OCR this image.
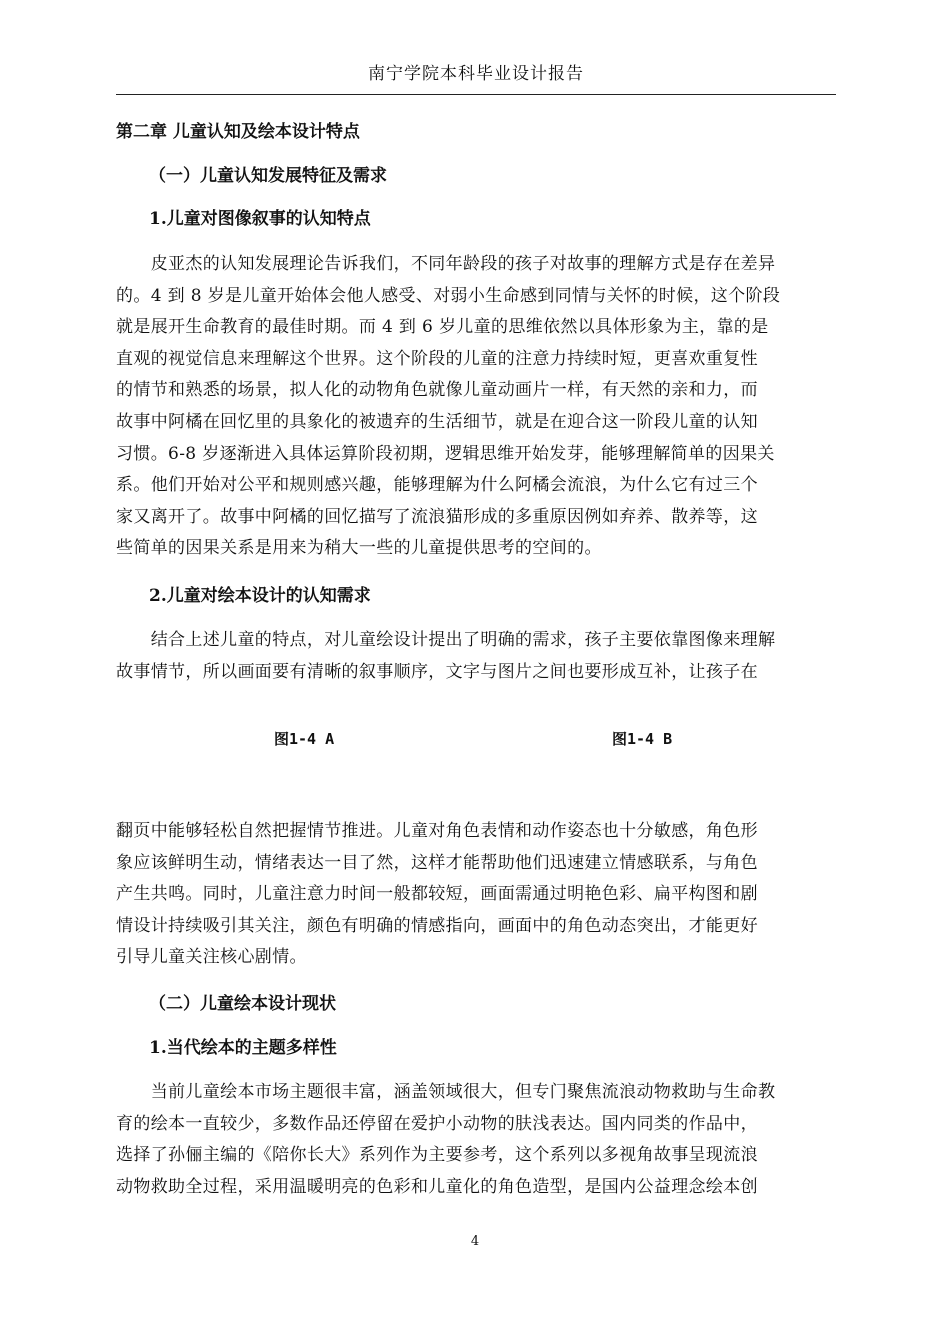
南宁学院本科毕业设计报告
第二章 儿童认知及绘本设计特点
（一）儿童认知发展特征及需求
1.儿童对图像叙事的认知特点
　　皮亚杰的认知发展理论告诉我们，不同年龄段的孩子对故事的理解方式是存在差异
的。4 到 8 岁是儿童开始体会他人感受、对弱小生命感到同情与关怀的时候，这个阶段
就是展开生命教育的最佳时期。而 4 到 6 岁儿童的思维依然以具体形象为主，靠的是
直观的视觉信息来理解这个世界。这个阶段的儿童的注意力持续时短，更喜欢重复性
的情节和熟悉的场景，拟人化的动物角色就像儿童动画片一样，有天然的亲和力，而
故事中阿橘在回忆里的具象化的被遗弃的生活细节，就是在迎合这一阶段儿童的认知
习惯。6-8 岁逐渐进入具体运算阶段初期，逻辑思维开始发芽，能够理解简单的因果关
系。他们开始对公平和规则感兴趣，能够理解为什么阿橘会流浪，为什么它有过三个
家又离开了。故事中阿橘的回忆描写了流浪猫形成的多重原因例如弃养、散养等，这
些简单的因果关系是用来为稍大一些的儿童提供思考的空间的。
2.儿童对绘本设计的认知需求
　　结合上述儿童的特点，对儿童绘设计提出了明确的需求，孩子主要依靠图像来理解
故事情节，所以画面要有清晰的叙事顺序，文字与图片之间也要形成互补，让孩子在
图1-4 A	图1-4 B
翻页中能够轻松自然把握情节推进。儿童对角色表情和动作姿态也十分敏感，角色形
象应该鲜明生动，情绪表达一目了然，这样才能帮助他们迅速建立情感联系，与角色
产生共鸣。同时，儿童注意力时间一般都较短，画面需通过明艳色彩、扁平构图和剧
情设计持续吸引其关注，颜色有明确的情感指向，画面中的角色动态突出，才能更好
引导儿童关注核心剧情。
（二）儿童绘本设计现状
1.当代绘本的主题多样性
　　当前儿童绘本市场主题很丰富，涵盖领域很大，但专门聚焦流浪动物救助与生命教
育的绘本一直较少，多数作品还停留在爱护小动物的肤浅表达。国内同类的作品中，
选择了孙俪主编的《陪你长大》系列作为主要参考，这个系列以多视角故事呈现流浪
动物救助全过程，采用温暖明亮的色彩和儿童化的角色造型，是国内公益理念绘本创
4
